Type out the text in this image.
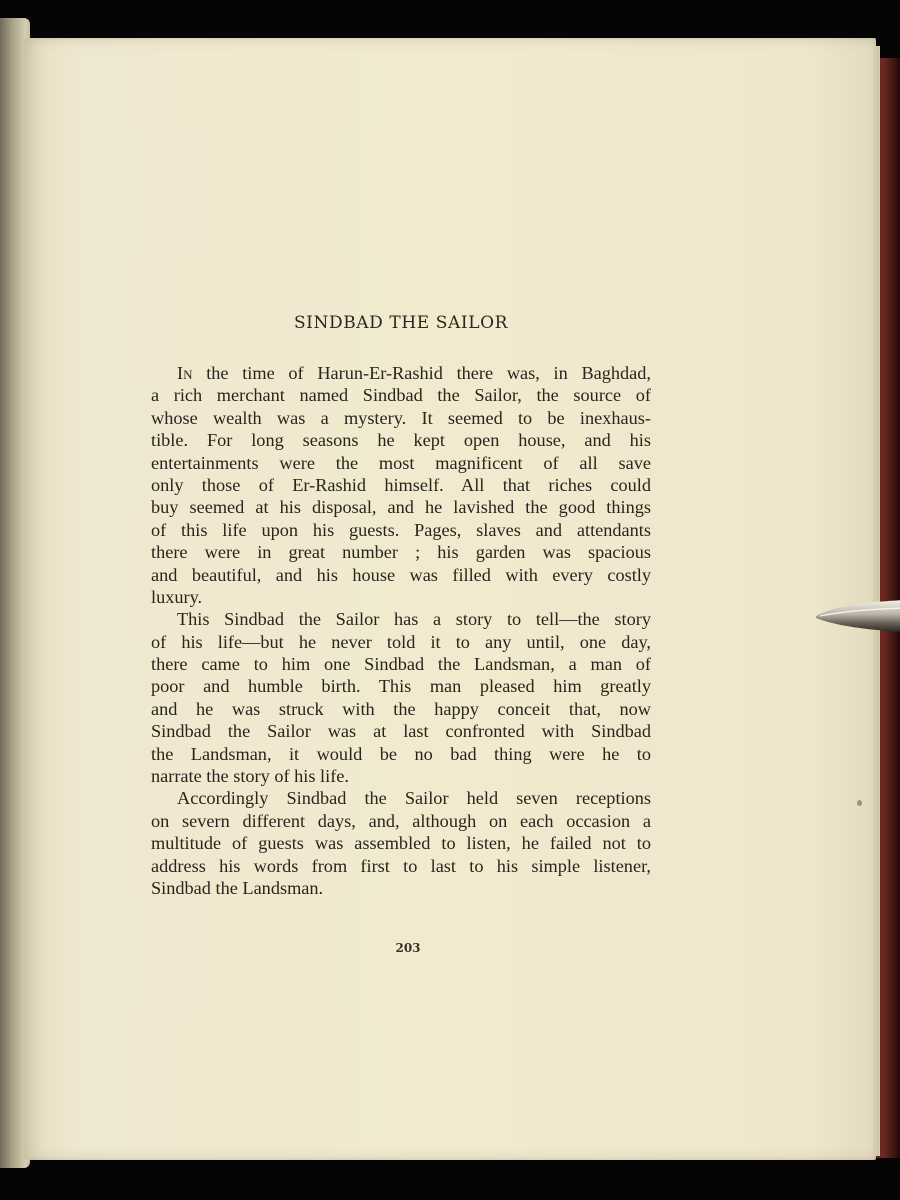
SINDBAD THE SAILOR
In the time of Harun-Er-Rashid there was, in Baghdad,
a rich merchant named Sindbad the Sailor, the source of
whose wealth was a mystery. It seemed to be inexhaus-
tible. For long seasons he kept open house, and his
entertainments were the most magnificent of all save
only those of Er-Rashid himself. All that riches could
buy seemed at his disposal, and he lavished the good things
of this life upon his guests. Pages, slaves and attendants
there were in great number ; his garden was spacious
and beautiful, and his house was filled with every costly
luxury.
This Sindbad the Sailor has a story to tell—the story
of his life—but he never told it to any until, one day,
there came to him one Sindbad the Landsman, a man of
poor and humble birth. This man pleased him greatly
and he was struck with the happy conceit that, now
Sindbad the Sailor was at last confronted with Sindbad
the Landsman, it would be no bad thing were he to
narrate the story of his life.
Accordingly Sindbad the Sailor held seven receptions
on severn different days, and, although on each occasion a
multitude of guests was assembled to listen, he failed not to
address his words from first to last to his simple listener,
Sindbad the Landsman.
203
